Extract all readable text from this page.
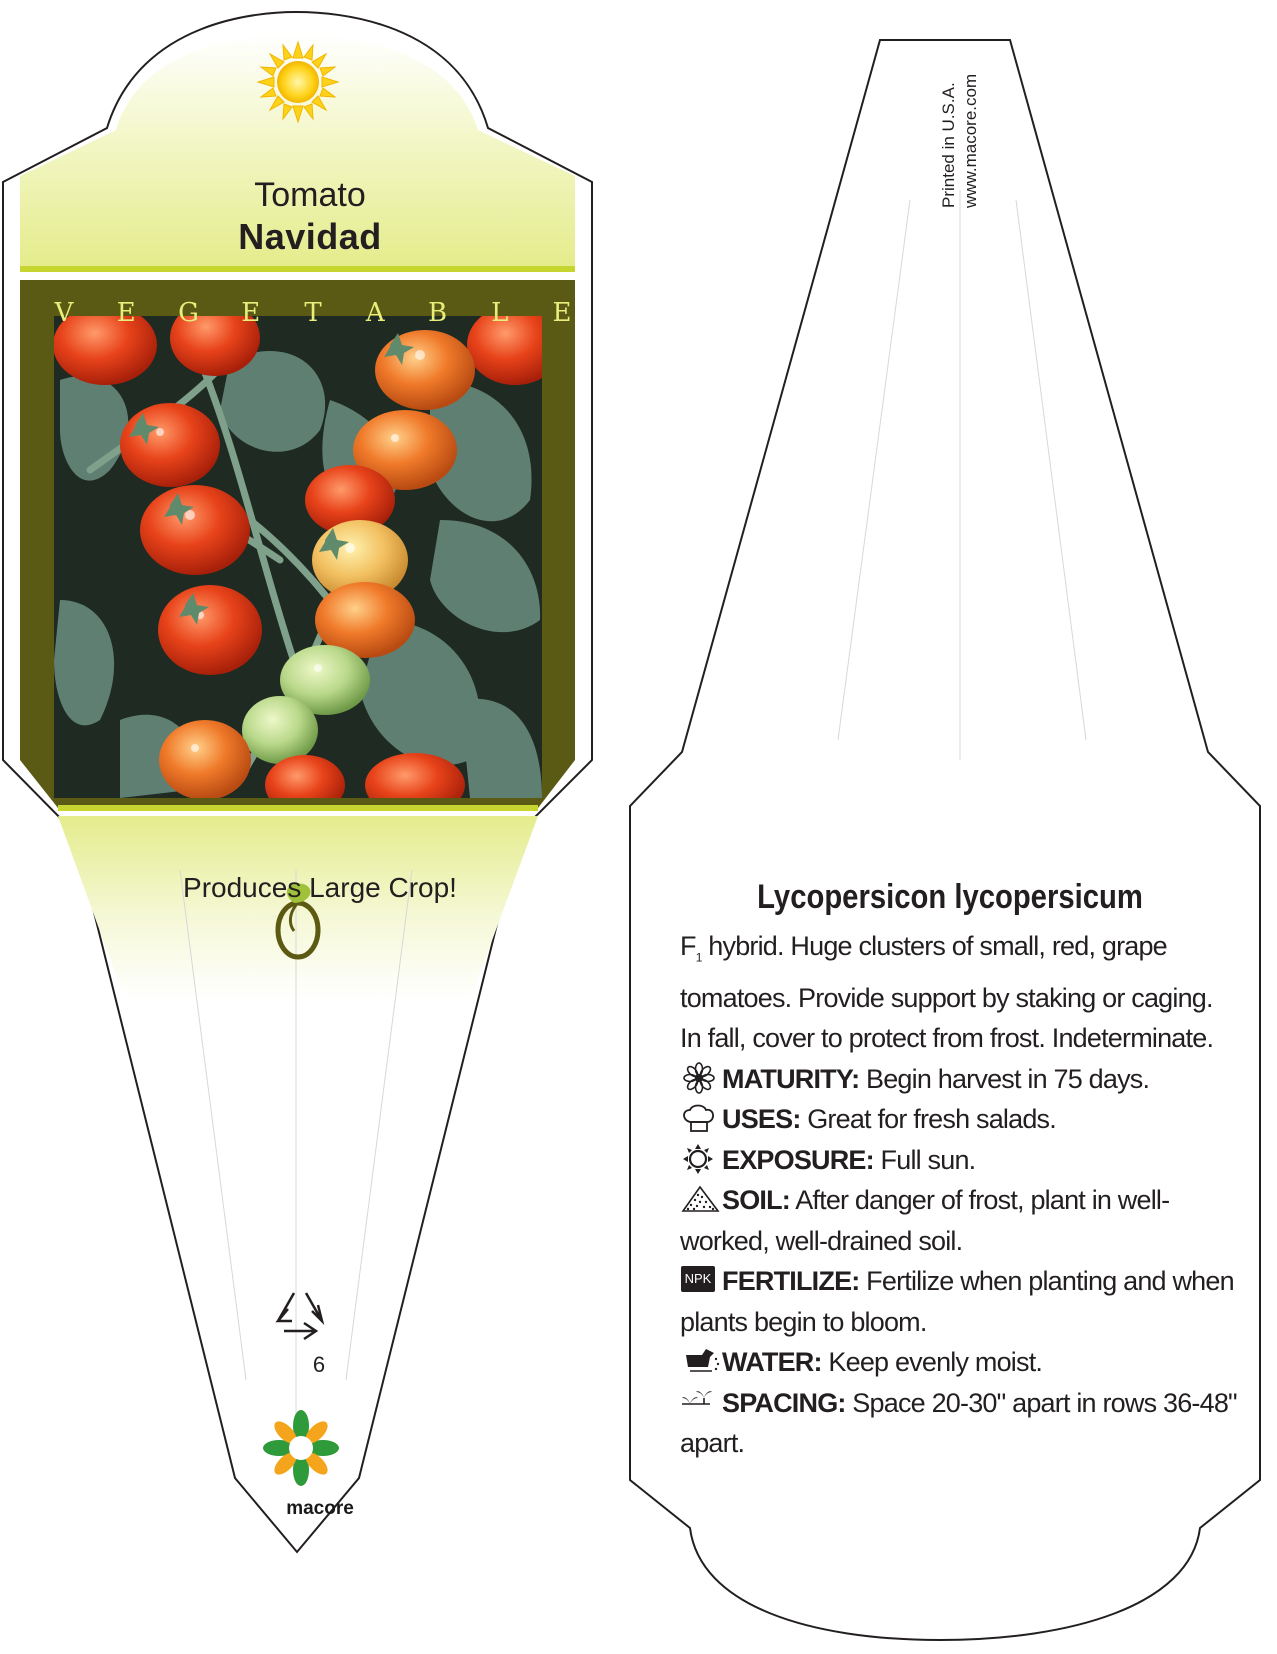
Tomato
Navidad
V E G E T A B L E
Produces Large Crop!
6
macore
Printed in U.S.A. www.macore.com
Lycopersicon lycopersicum

$F_1$ hybrid. Huge clusters of small, red, grape tomatoes. Provide support by staking or caging. In fall, cover to protect from frost. Indeterminate.

MATURITY: Begin harvest in 75 days.
USES: Great for fresh salads.
EXPOSURE: Full sun.
SOIL: After danger of frost, plant in well-worked, well-drained soil.
NPK FERTILIZE: Fertilize when planting and when plants begin to bloom.
WATER: Keep evenly moist.
SPACING: Space 20-30" apart in rows 36-48" apart.
